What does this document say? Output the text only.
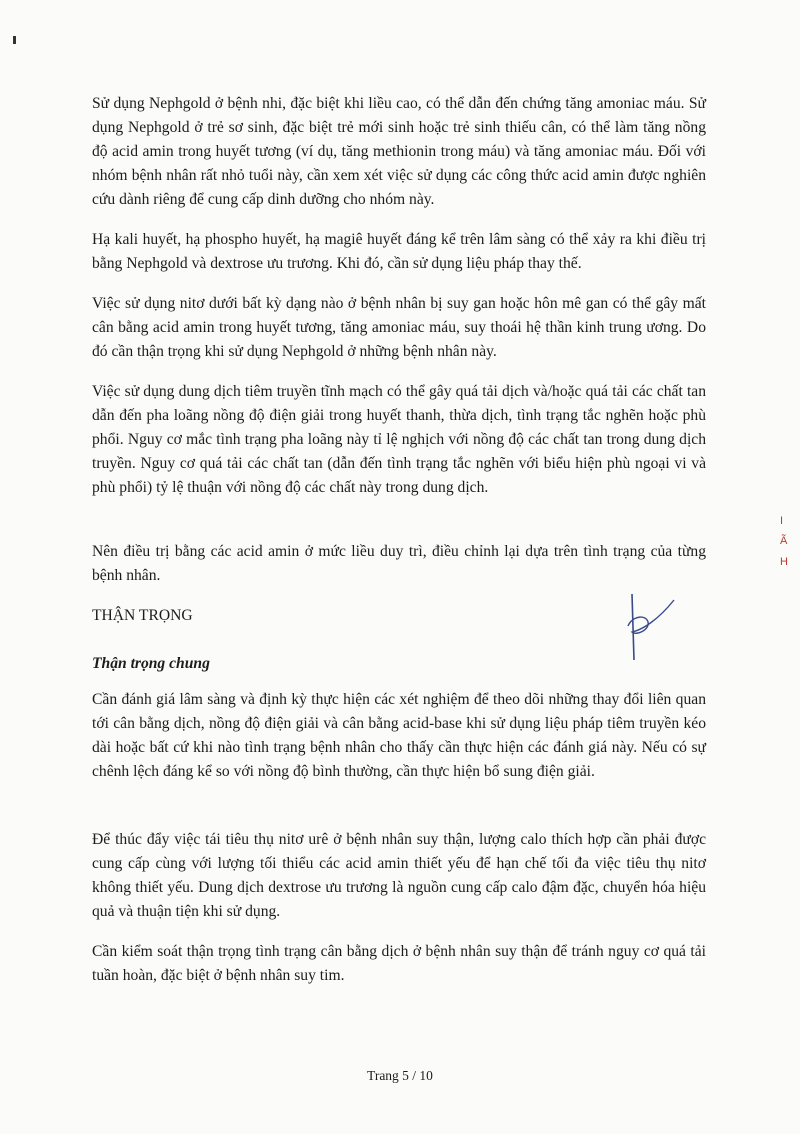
Sử dụng Nephgold ở bệnh nhi, đặc biệt khi liều cao, có thể dẫn đến chứng tăng amoniac máu. Sử dụng Nephgold ở trẻ sơ sinh, đặc biệt trẻ mới sinh hoặc trẻ sinh thiếu cân, có thể làm tăng nồng độ acid amin trong huyết tương (ví dụ, tăng methionin trong máu) và tăng amoniac máu. Đối với nhóm bệnh nhân rất nhỏ tuổi này, cần xem xét việc sử dụng các công thức acid amin được nghiên cứu dành riêng để cung cấp dinh dưỡng cho nhóm này.

Hạ kali huyết, hạ phospho huyết, hạ magiê huyết đáng kể trên lâm sàng có thể xảy ra khi điều trị bằng Nephgold và dextrose ưu trương. Khi đó, cần sử dụng liệu pháp thay thế.

Việc sử dụng nitơ dưới bất kỳ dạng nào ở bệnh nhân bị suy gan hoặc hôn mê gan có thể gây mất cân bằng acid amin trong huyết tương, tăng amoniac máu, suy thoái hệ thần kinh trung ương. Do đó cần thận trọng khi sử dụng Nephgold ở những bệnh nhân này.

Việc sử dụng dung dịch tiêm truyền tĩnh mạch có thể gây quá tải dịch và/hoặc quá tải các chất tan dẫn đến pha loãng nồng độ điện giải trong huyết thanh, thừa dịch, tình trạng tắc nghẽn hoặc phù phổi. Nguy cơ mắc tình trạng pha loãng này tỉ lệ nghịch với nồng độ các chất tan trong dung dịch truyền. Nguy cơ quá tải các chất tan (dẫn đến tình trạng tắc nghẽn với biểu hiện phù ngoại vi và phù phổi) tỷ lệ thuận với nồng độ các chất này trong dung dịch.

Nên điều trị bằng các acid amin ở mức liều duy trì, điều chỉnh lại dựa trên tình trạng của từng bệnh nhân.

THẬN TRỌNG

Thận trọng chung

Cần đánh giá lâm sàng và định kỳ thực hiện các xét nghiệm để theo dõi những thay đổi liên quan tới cân bằng dịch, nồng độ điện giải và cân bằng acid-base khi sử dụng liệu pháp tiêm truyền kéo dài hoặc bất cứ khi nào tình trạng bệnh nhân cho thấy cần thực hiện các đánh giá này. Nếu có sự chênh lệch đáng kể so với nồng độ bình thường, cần thực hiện bổ sung điện giải.

Để thúc đẩy việc tái tiêu thụ nitơ urê ở bệnh nhân suy thận, lượng calo thích hợp cần phải được cung cấp cùng với lượng tối thiểu các acid amin thiết yếu để hạn chế tối đa việc tiêu thụ nitơ không thiết yếu. Dung dịch dextrose ưu trương là nguồn cung cấp calo đậm đặc, chuyển hóa hiệu quả và thuận tiện khi sử dụng.

Cần kiểm soát thận trọng tình trạng cân bằng dịch ở bệnh nhân suy thận để tránh nguy cơ quá tải tuần hoàn, đặc biệt ở bệnh nhân suy tim.

I
Ã
H
Trang 5 / 10
